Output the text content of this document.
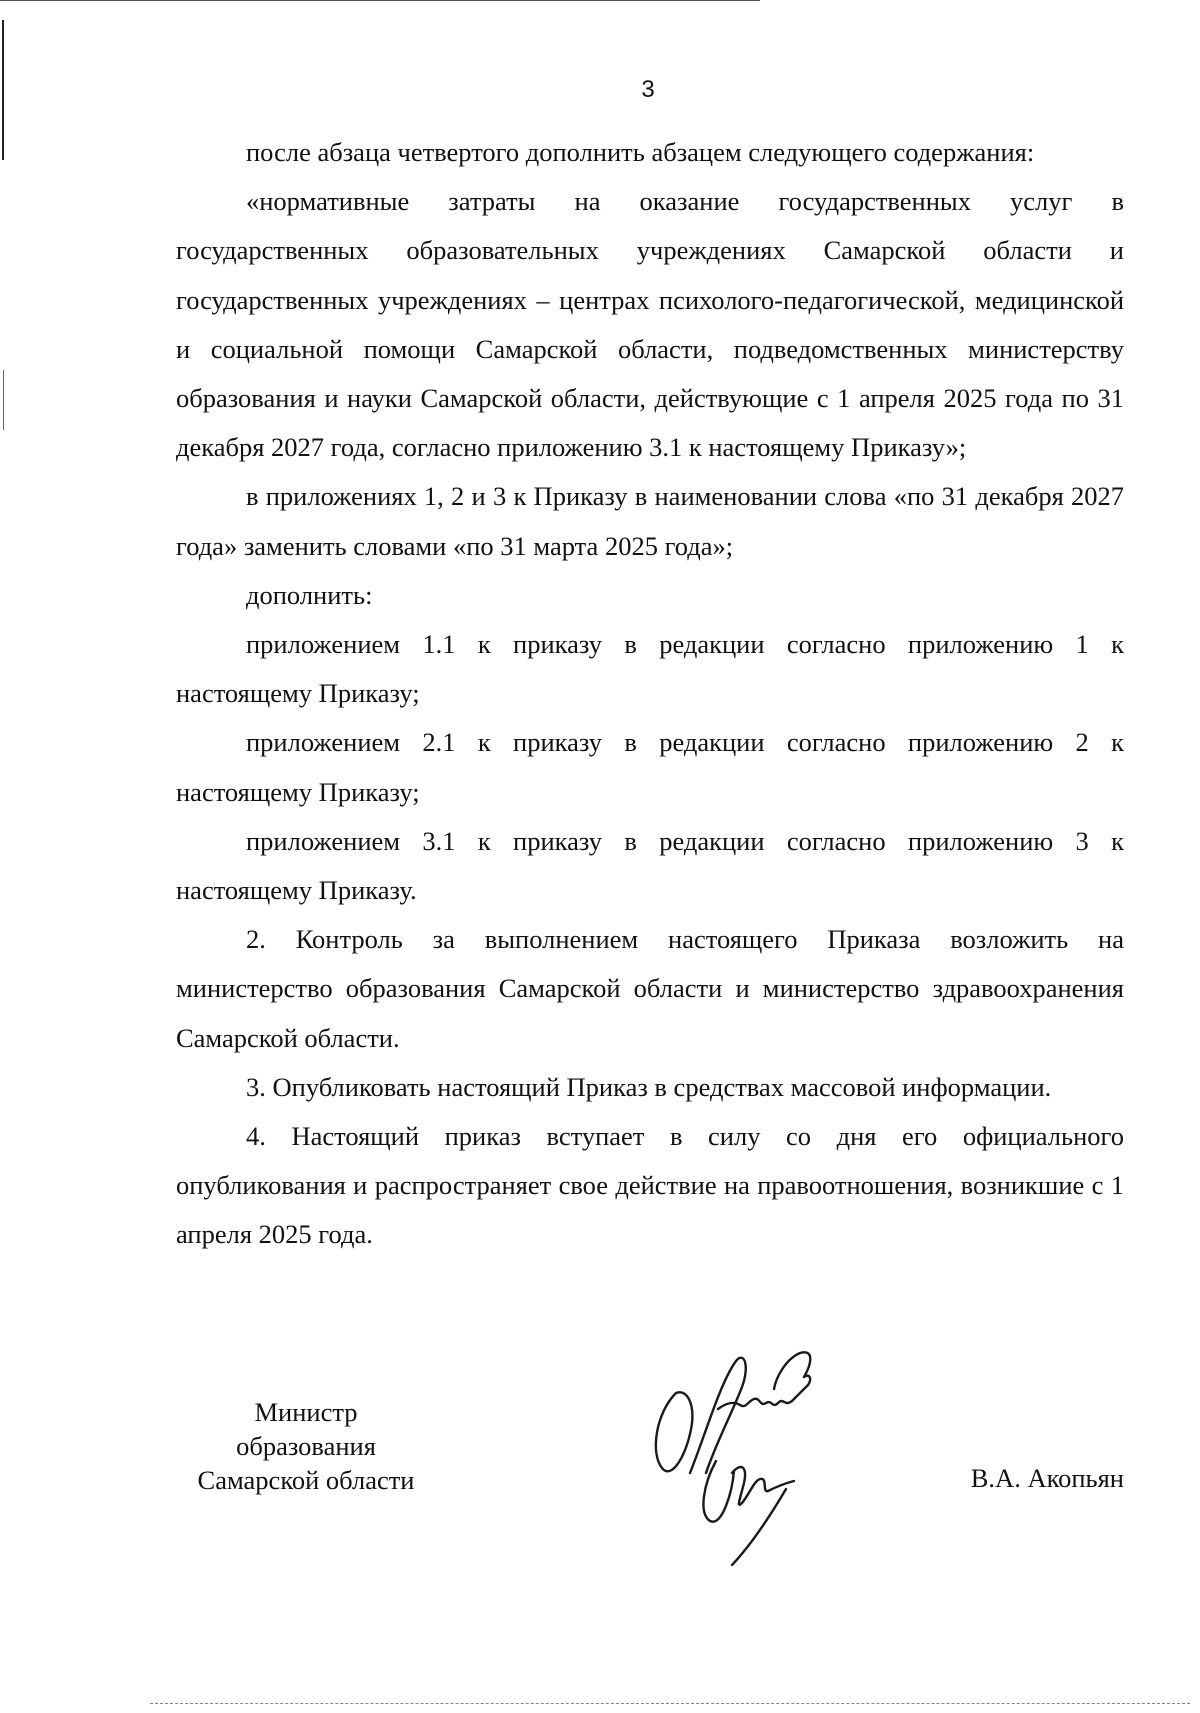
3

после абзаца четвертого дополнить абзацем следующего содержания:

«нормативные затраты на оказание государственных услуг в государственных образовательных учреждениях Самарской области и государственных учреждениях – центрах психолого-педагогической, медицинской и социальной помощи Самарской области, подведомственных министерству образования и науки Самарской области, действующие с 1 апреля 2025 года по 31 декабря 2027 года, согласно приложению 3.1 к настоящему Приказу»;

в приложениях 1, 2 и 3 к Приказу в наименовании слова «по 31 декабря 2027 года» заменить словами «по 31 марта 2025 года»;

дополнить:

приложением 1.1 к приказу в редакции согласно приложению 1 к настоящему Приказу;

приложением 2.1 к приказу в редакции согласно приложению 2 к настоящему Приказу;

приложением 3.1 к приказу в редакции согласно приложению 3 к настоящему Приказу.

2. Контроль за выполнением настоящего Приказа возложить на министерство образования Самарской области и министерство здравоохранения Самарской области.

3. Опубликовать настоящий Приказ в средствах массовой информации.

4. Настоящий приказ вступает в силу со дня его официального опубликования и распространяет свое действие на правоотношения, возникшие с 1 апреля 2025 года.

Министр
образования
Самарской области	В.А. Акопьян
